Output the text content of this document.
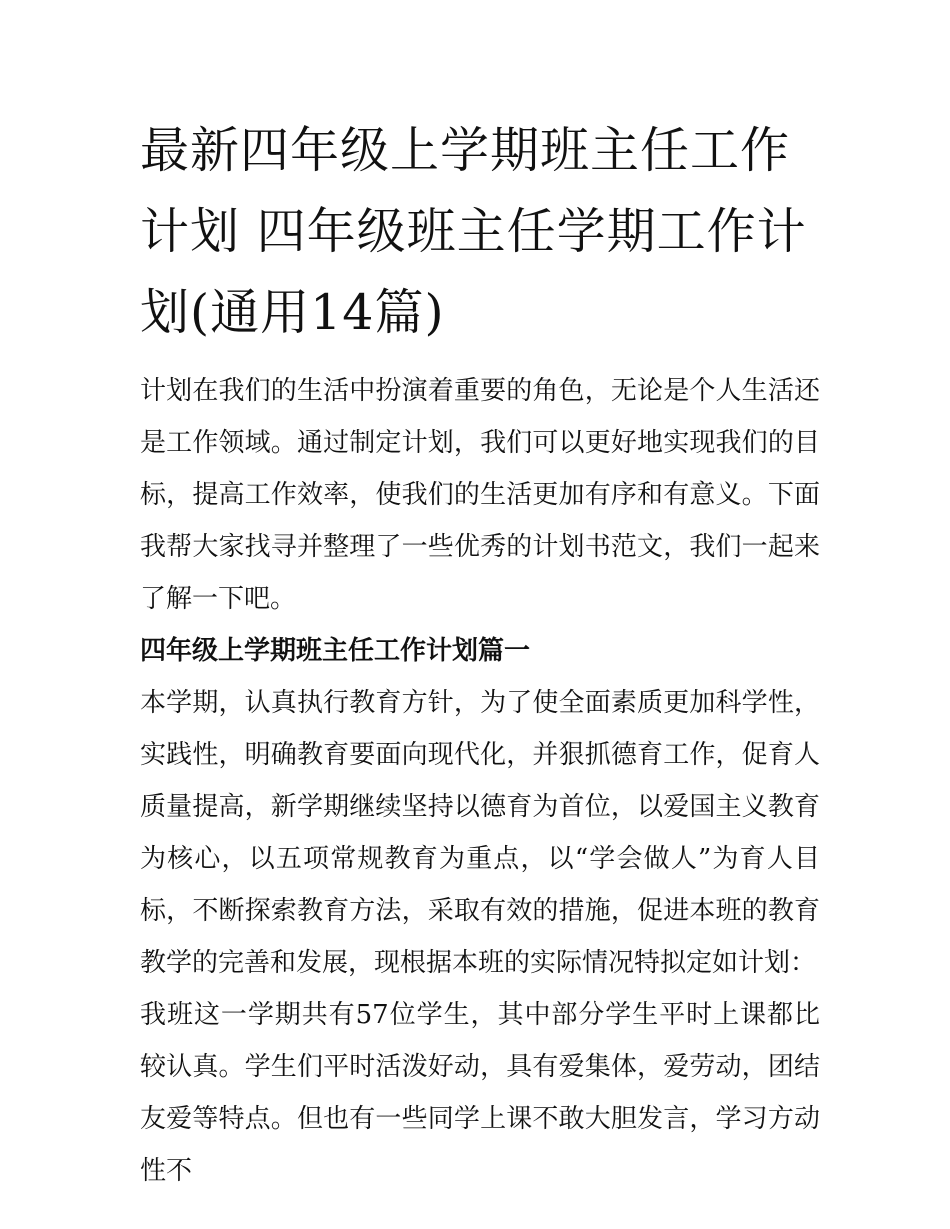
最新四年级上学期班主任工作计划 四年级班主任学期工作计划(通用14篇)

计划在我们的生活中扮演着重要的角色，无论是个人生活还是工作领域。通过制定计划，我们可以更好地实现我们的目标，提高工作效率，使我们的生活更加有序和有意义。下面我帮大家找寻并整理了一些优秀的计划书范文，我们一起来了解一下吧。

四年级上学期班主任工作计划篇一

本学期，认真执行教育方针，为了使全面素质更加科学性，实践性，明确教育要面向现代化，并狠抓德育工作，促育人质量提高，新学期继续坚持以德育为首位，以爱国主义教育为核心，以五项常规教育为重点，以“学会做人”为育人目标，不断探索教育方法，采取有效的措施，促进本班的教育教学的完善和发展，现根据本班的实际情况特拟定如计划：

我班这一学期共有57位学生，其中部分学生平时上课都比较认真。学生们平时活泼好动，具有爱集体，爱劳动，团结友爱等特点。但也有一些同学上课不敢大胆发言，学习方动性不
